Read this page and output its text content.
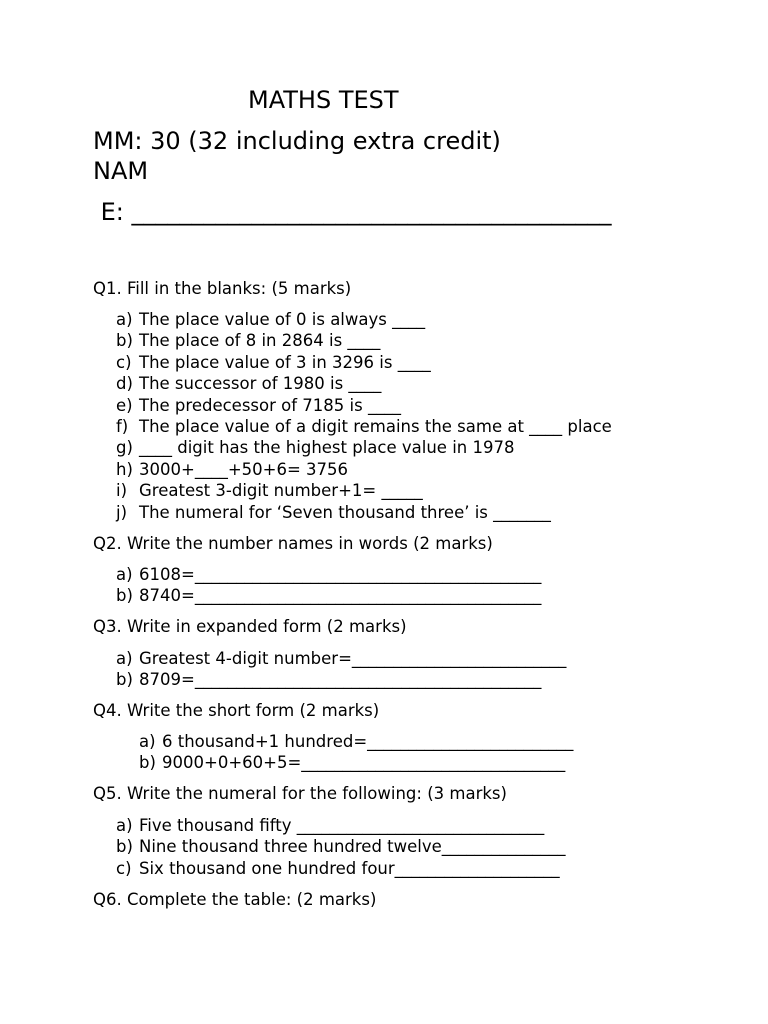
MATHS TEST
MM: 30 (32 including extra credit)
NAM
E: ________________________________________
Q1. Fill in the blanks: (5 marks)
a) The place value of 0 is always ____
b) The place of 8 in 2864 is ____
c) The place value of 3 in 3296 is ____
d) The successor of 1980 is ____
e) The predecessor of 7185 is ____
f) The place value of a digit remains the same at ____ place
g) ____ digit has the highest place value in 1978
h) 3000+____+50+6= 3756
i) Greatest 3-digit number+1= _____
j) The numeral for ‘Seven thousand three’ is _______
Q2. Write the number names in words (2 marks)
a) 6108=__________________________________________
b) 8740=__________________________________________
Q3. Write in expanded form (2 marks)
a) Greatest 4-digit number=__________________________
b) 8709=__________________________________________
Q4. Write the short form (2 marks)
a) 6 thousand+1 hundred=_________________________
b) 9000+0+60+5=________________________________
Q5. Write the numeral for the following: (3 marks)
a) Five thousand fifty ______________________________
b) Nine thousand three hundred twelve_______________
c) Six thousand one hundred four____________________
Q6. Complete the table: (2 marks)
